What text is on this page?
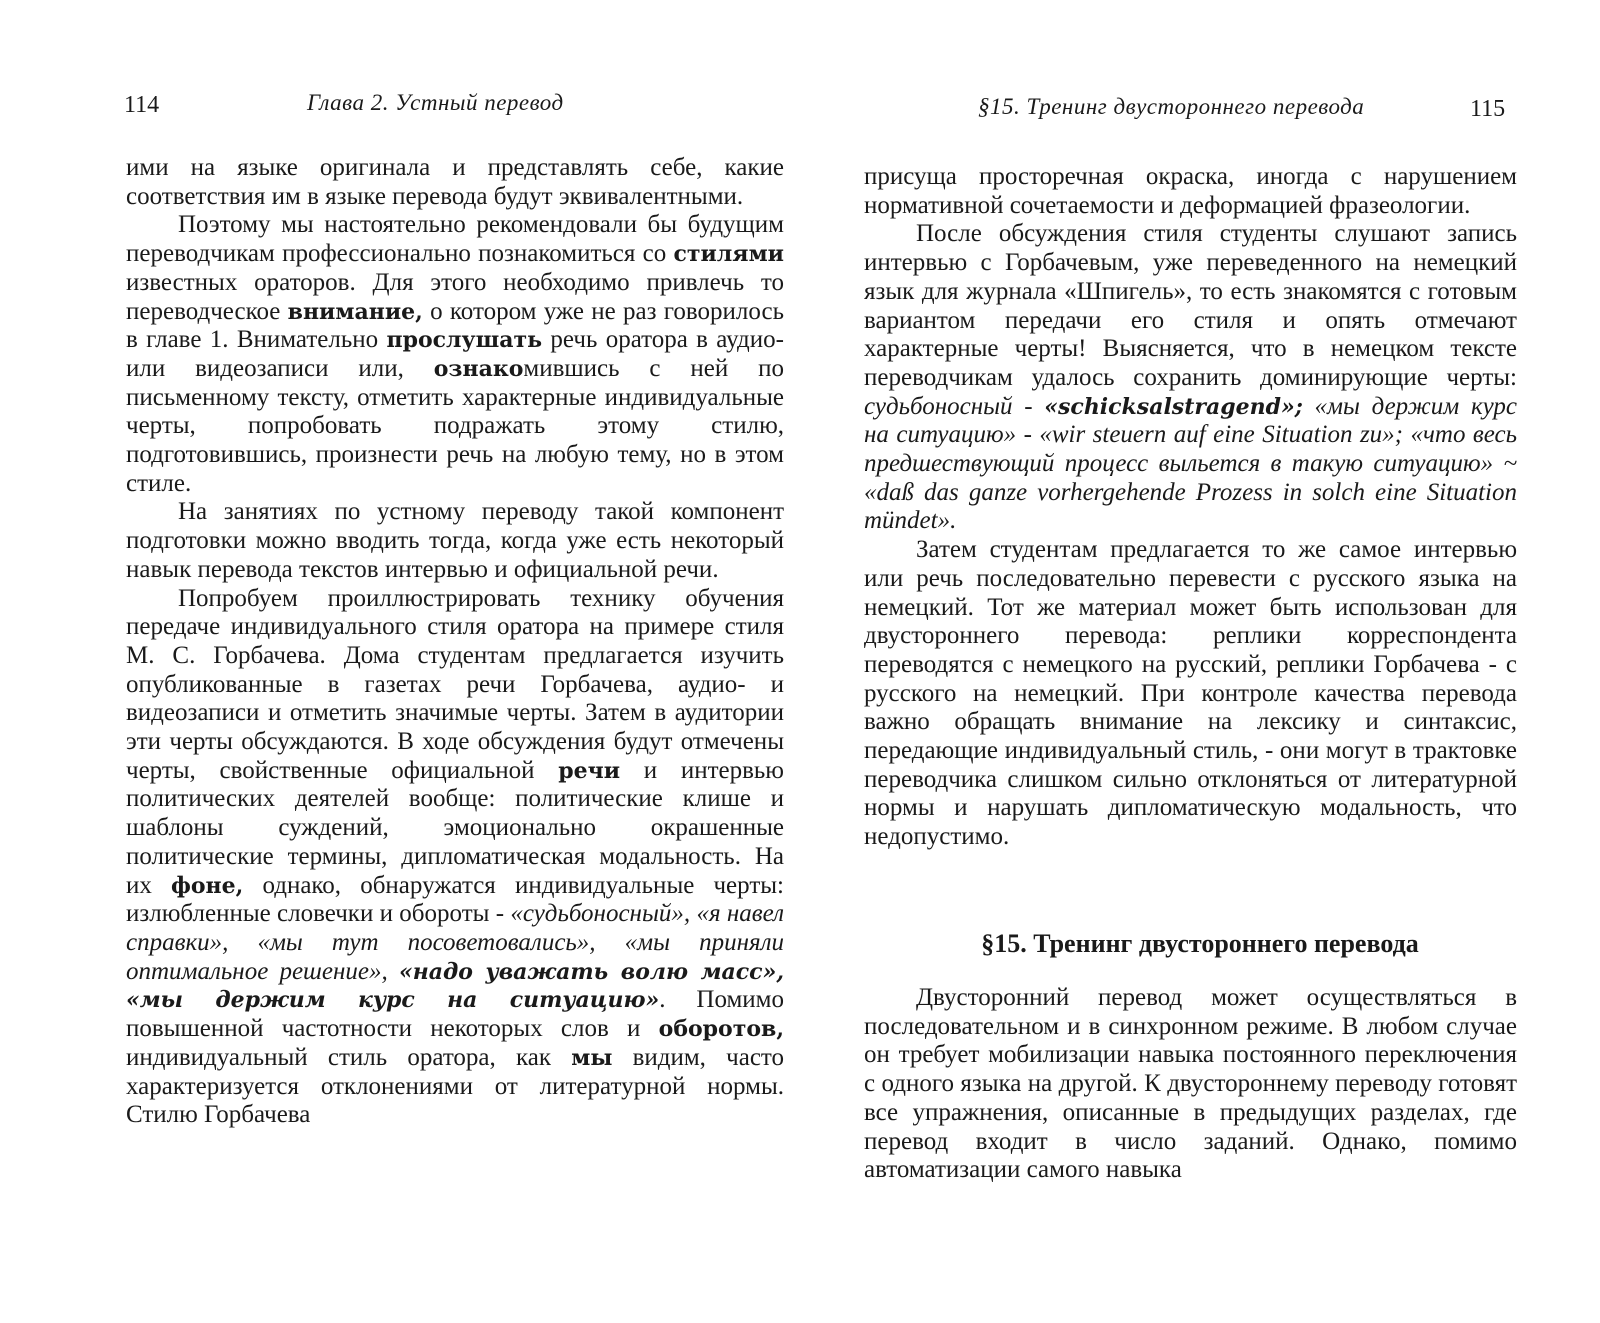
114	Глава 2. Устный перевод

ими на языке оригинала и представлять себе, какие соответствия им в языке перевода будут эквивалентными.

Поэтому мы настоятельно рекомендовали бы будущим переводчикам профессионально познакомиться со стилями известных ораторов. Для этого необходимо привлечь то переводческое внимание, о котором уже не раз говорилось в главе 1. Внимательно прослушать речь оратора в аудио- или видеозаписи или, ознакомившись с ней по письменному тексту, отметить характерные индивидуальные черты, попробовать подражать этому стилю, подготовившись, произнести речь на любую тему, но в этом стиле.

На занятиях по устному переводу такой компонент подготовки можно вводить тогда, когда уже есть некоторый навык перевода текстов интервью и официальной речи.

Попробуем проиллюстрировать технику обучения передаче индивидуального стиля оратора на примере стиля М. С. Горбачева. Дома студентам предлагается изучить опубликованные в газетах речи Горбачева, аудио- и видеозаписи и отметить значимые черты. Затем в аудитории эти черты обсуждаются. В ходе обсуждения будут отмечены черты, свойственные официальной речи и интервью политических деятелей вообще: политические клише и шаблоны суждений, эмоционально окрашенные политические термины, дипломатическая модальность. На их фоне, однако, обнаружатся индивидуальные черты: излюбленные словечки и обороты - «судьбоносный», «я навел справки», «мы тут посоветовались», «мы приняли оптимальное решение», «надо уважать волю масс», «мы держим курс на ситуацию». Помимо повышенной частотности некоторых слов и оборотов, индивидуальный стиль оратора, как мы видим, часто характеризуется отклонениями от литературной нормы. Стилю Горбачева

§15. Тренинг двустороннего перевода	115

присуща просторечная окраска, иногда с нарушением нормативной сочетаемости и деформацией фразеологии.

После обсуждения стиля студенты слушают запись интервью с Горбачевым, уже переведенного на немецкий язык для журнала «Шпигель», то есть знакомятся с готовым вариантом передачи его стиля и опять отмечают характерные черты! Выясняется, что в немецком тексте переводчикам удалось сохранить доминирующие черты: судьбоносный - «schicksalstragend»; «мы держим курс на ситуацию» - «wir steuern auf eine Situation zu»; «что весь предшествующий процесс выльется в такую ситуацию» ~ «daß das ganze vorhergehende Prozess in solch eine Situation mündet».

Затем студентам предлагается то же самое интервью или речь последовательно перевести с русского языка на немецкий. Тот же материал может быть использован для двустороннего перевода: реплики корреспондента переводятся с немецкого на русский, реплики Горбачева - с русского на немецкий. При контроле качества перевода важно обращать внимание на лексику и синтаксис, передающие индивидуальный стиль, - они могут в трактовке переводчика слишком сильно отклоняться от литературной нормы и нарушать дипломатическую модальность, что недопустимо.

§15. Тренинг двустороннего перевода

Двусторонний перевод может осуществляться в последовательном и в синхронном режиме. В любом случае он требует мобилизации навыка постоянного переключения с одного языка на другой. К двустороннему переводу готовят все упражнения, описанные в предыдущих разделах, где перевод входит в число заданий. Однако, помимо автоматизации самого навыка
